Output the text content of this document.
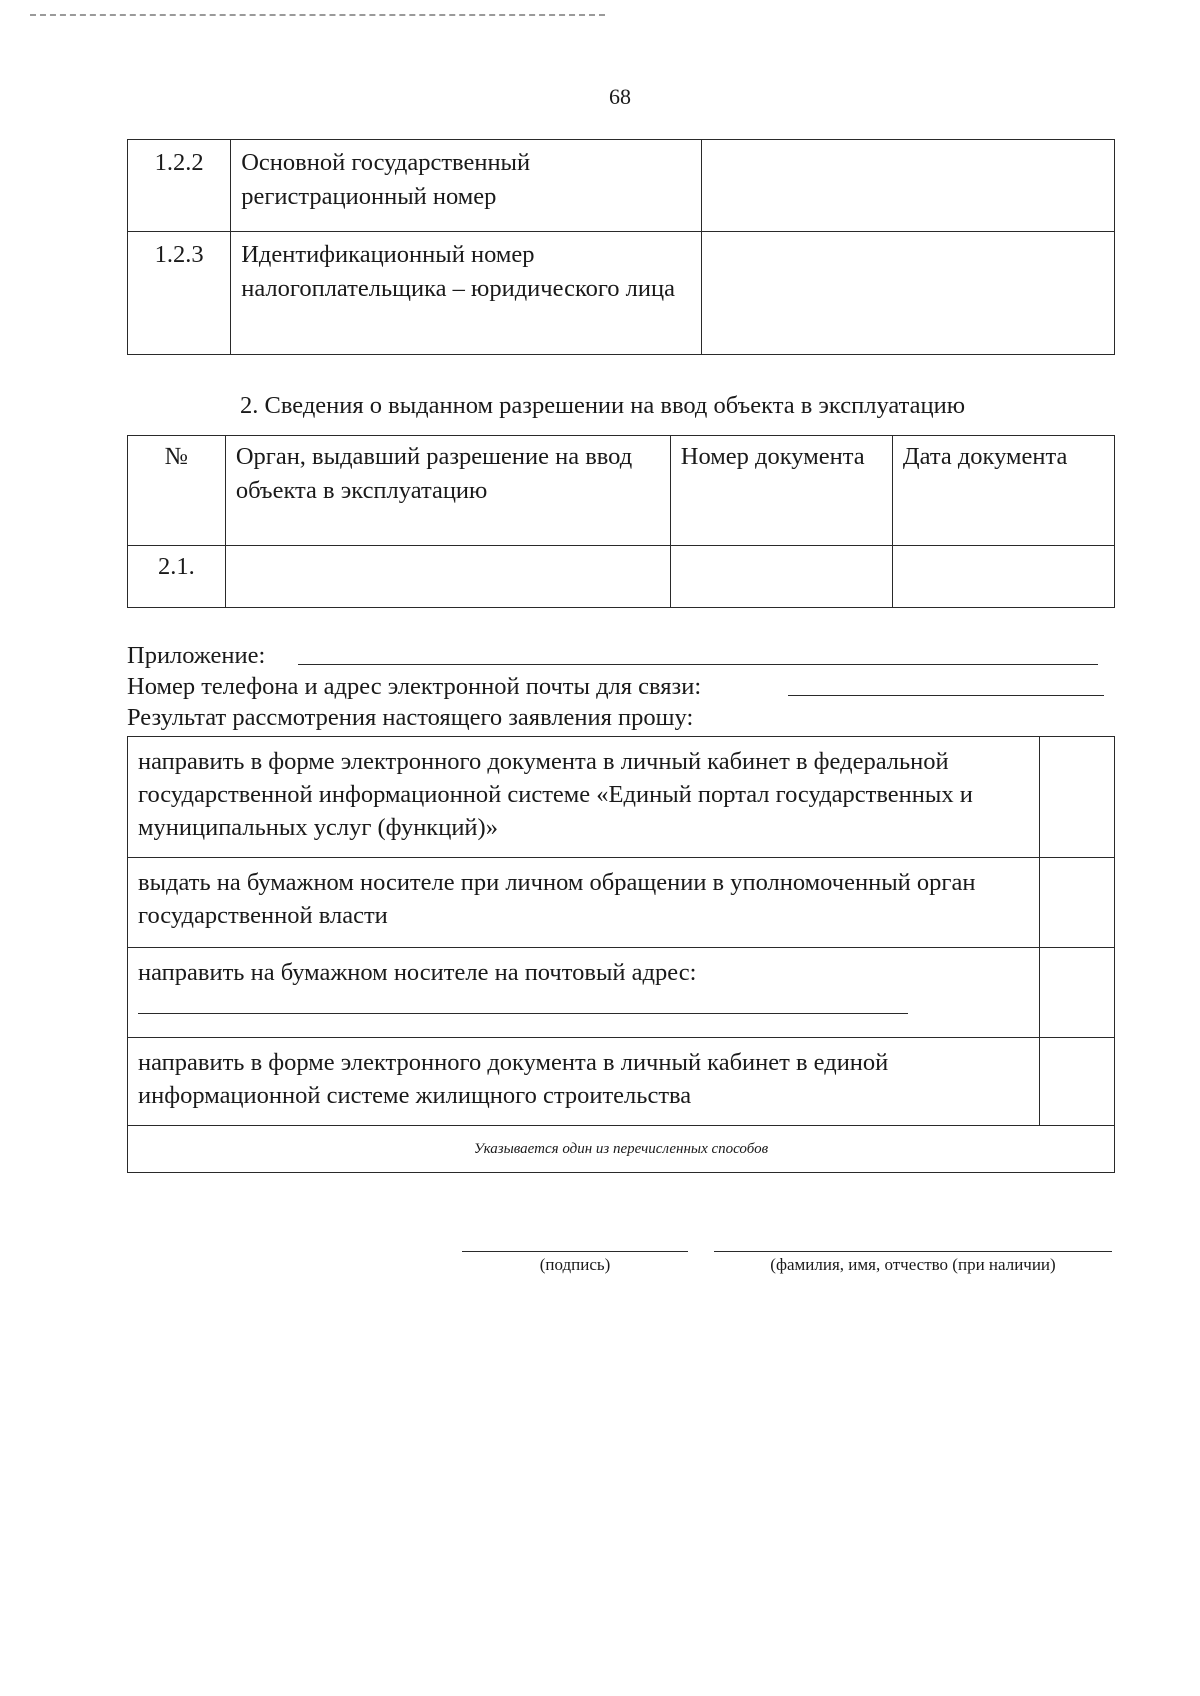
68
1.2.2	Основной государственный регистрационный номер	
1.2.3	Идентификационный номер налогоплательщика – юридического лица	
2. Сведения о выданном разрешении на ввод объекта в эксплуатацию
№	Орган, выдавший разрешение на ввод объекта в эксплуатацию	Номер документа	Дата документа
2.1.			
Приложение:
Номер телефона и адрес электронной почты для связи:
Результат рассмотрения настоящего заявления прошу:
направить в форме электронного документа в личный кабинет в федеральной государственной информационной системе «Единый портал государственных и муниципальных услуг (функций)»	
выдать на бумажном носителе при личном обращении в уполномоченный орган государственной власти	
направить на бумажном носителе на почтовый адрес:

направить в форме электронного документа в личный кабинет в единой информационной системе жилищного строительства	
Указывается один из перечисленных способов	
(подпись)	(фамилия, имя, отчество (при наличии)
